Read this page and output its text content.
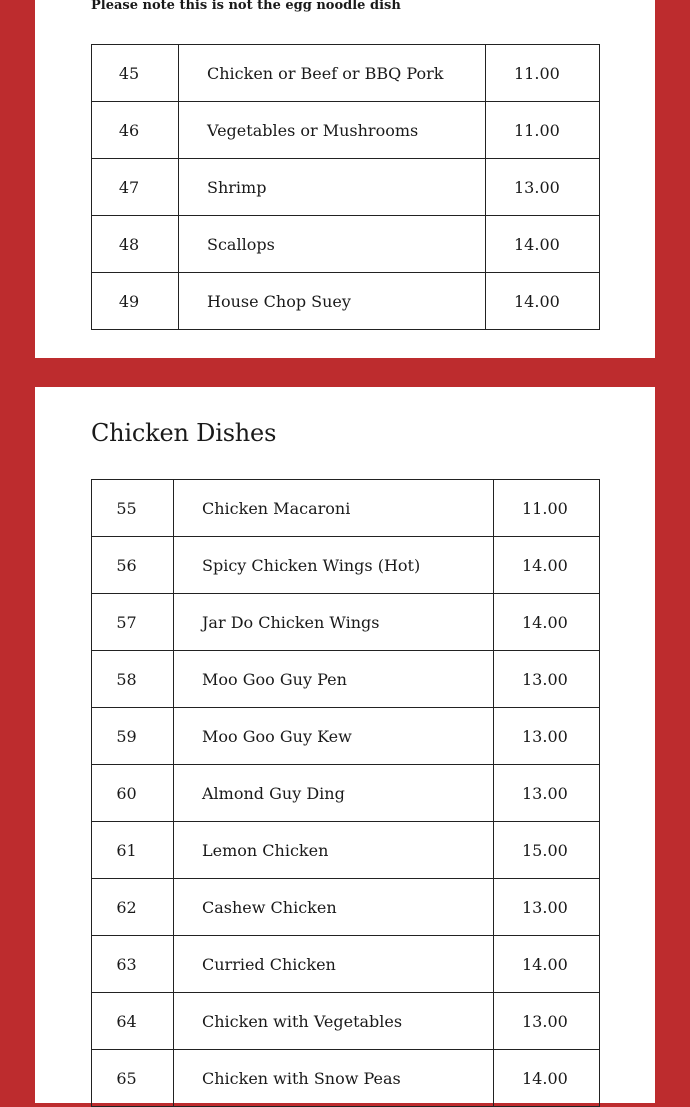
Please note this is not the egg noodle dish
45	Chicken or Beef or BBQ Pork	11.00
46	Vegetables or Mushrooms	11.00
47	Shrimp	13.00
48	Scallops	14.00
49	House Chop Suey	14.00
Chicken Dishes
55	Chicken Macaroni	11.00
56	Spicy Chicken Wings (Hot)	14.00
57	Jar Do Chicken Wings	14.00
58	Moo Goo Guy Pen	13.00
59	Moo Goo Guy Kew	13.00
60	Almond Guy Ding	13.00
61	Lemon Chicken	15.00
62	Cashew Chicken	13.00
63	Curried Chicken	14.00
64	Chicken with Vegetables	13.00
65	Chicken with Snow Peas	14.00
